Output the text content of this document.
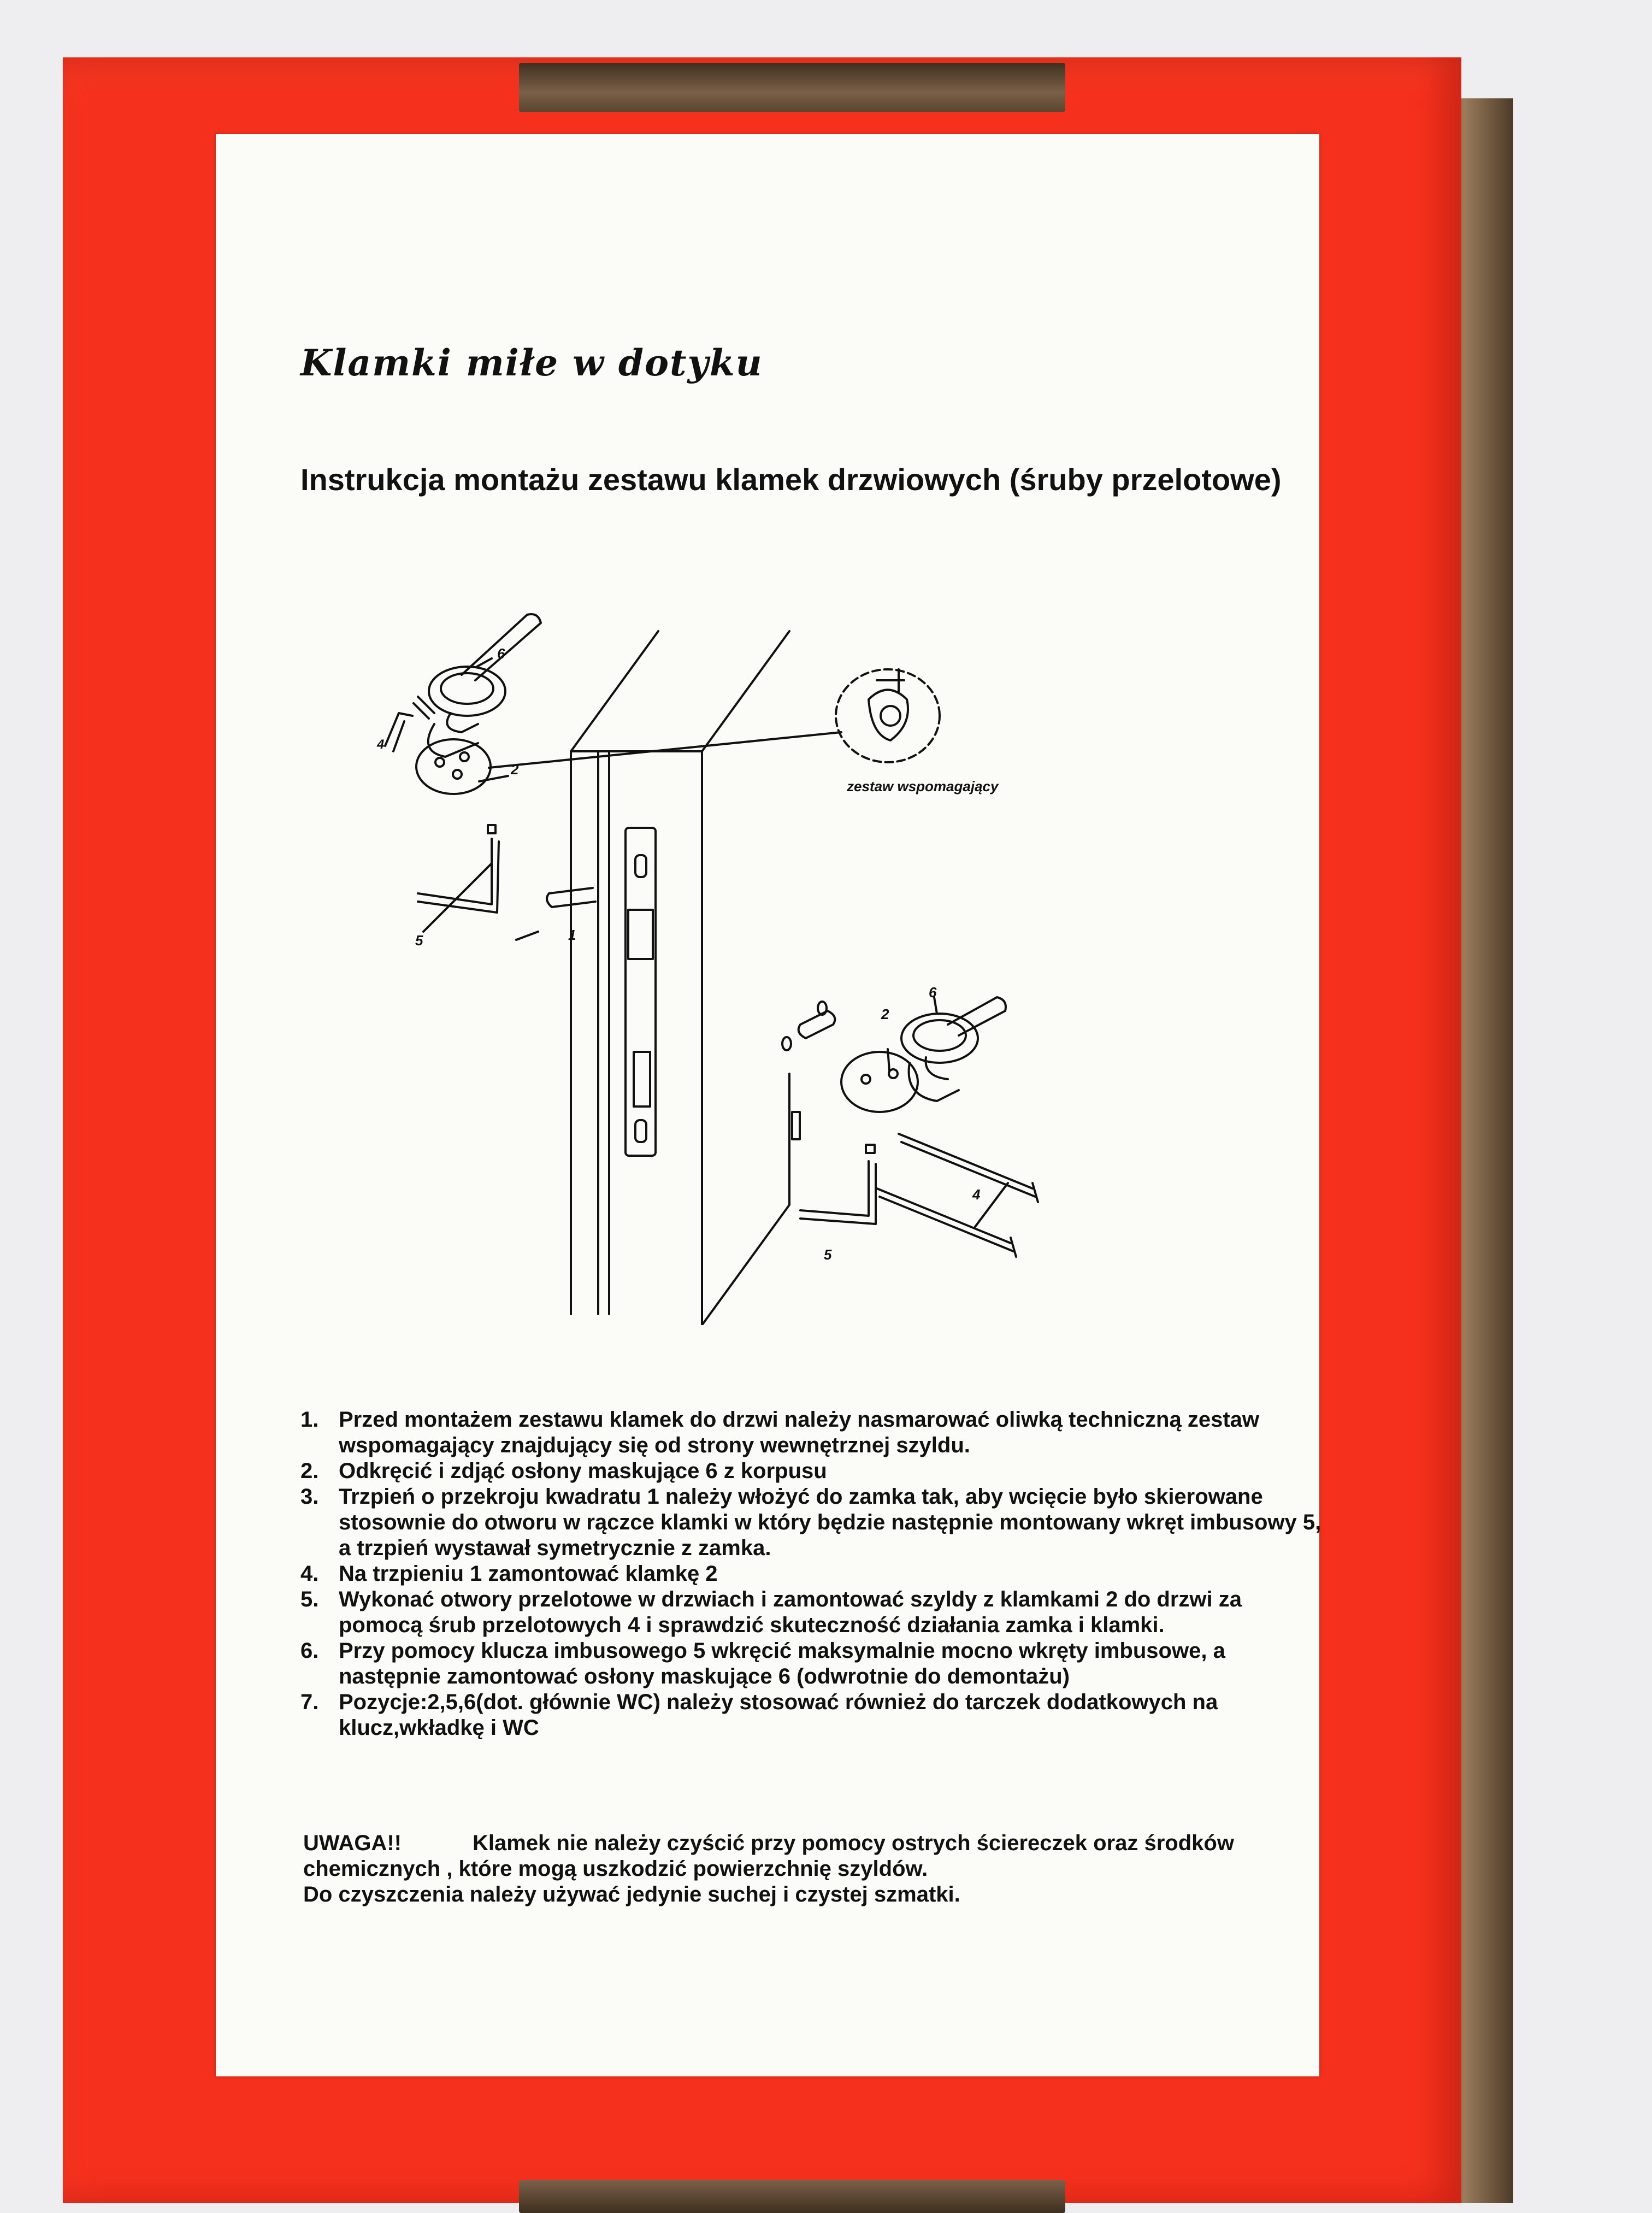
Klamki miłe w dotyku

Instrukcja montażu zestawu klamek drzwiowych (śruby przelotowe)

1
2
4
5
6
2
6
4
5
zestaw wspomagający
1. Przed montażem zestawu klamek do drzwi należy nasmarować oliwką techniczną zestaw wspomagający znajdujący się od strony wewnętrznej szyldu.
2. Odkręcić i zdjąć osłony maskujące 6 z korpusu
3. Trzpień o przekroju kwadratu 1 należy włożyć do zamka tak, aby wcięcie było skierowane stosownie do otworu w rączce klamki w który będzie następnie montowany wkręt imbusowy 5, a trzpień wystawał symetrycznie z zamka.
4. Na trzpieniu 1 zamontować klamkę 2
5. Wykonać otwory przelotowe w drzwiach i zamontować szyldy z klamkami 2 do drzwi za pomocą śrub przelotowych 4 i sprawdzić skuteczność działania zamka i klamki.
6. Przy pomocy klucza imbusowego 5 wkręcić maksymalnie mocno wkręty imbusowe, a następnie zamontować osłony maskujące 6 (odwrotnie do demontażu)
7. Pozycje:2,5,6(dot. głównie WC) należy stosować również do tarczek dodatkowych na klucz,wkładkę i WC
UWAGA!!	Klamek nie należy czyścić przy pomocy ostrych ściereczek oraz środków chemicznych , które mogą uszkodzić powierzchnię szyldów.
Do czyszczenia należy używać jedynie suchej i czystej szmatki.
